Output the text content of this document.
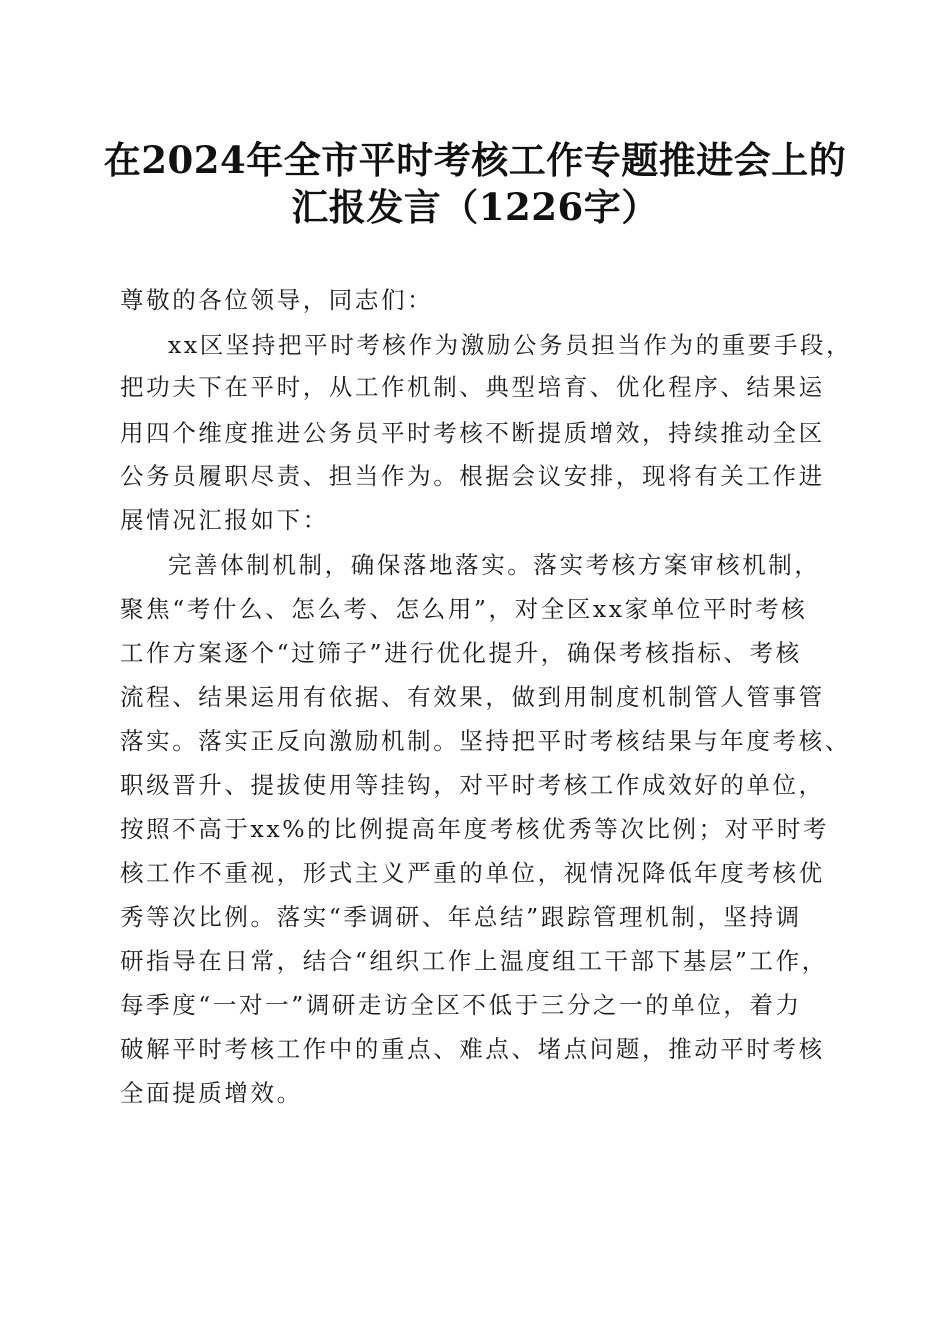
在2024年全市平时考核工作专题推进会上的
汇报发言（1226字）

尊敬的各位领导，同志们：

xx区坚持把平时考核作为激励公务员担当作为的重要手段，

把功夫下在平时，从工作机制、典型培育、优化程序、结果运

用四个维度推进公务员平时考核不断提质增效，持续推动全区

公务员履职尽责、担当作为。根据会议安排，现将有关工作进

展情况汇报如下：

完善体制机制，确保落地落实。落实考核方案审核机制，

聚焦“考什么、怎么考、怎么用”，对全区xx家单位平时考核

工作方案逐个“过筛子”进行优化提升，确保考核指标、考核

流程、结果运用有依据、有效果，做到用制度机制管人管事管

落实。落实正反向激励机制。坚持把平时考核结果与年度考核、

职级晋升、提拔使用等挂钩，对平时考核工作成效好的单位，

按照不高于xx%的比例提高年度考核优秀等次比例；对平时考

核工作不重视，形式主义严重的单位，视情况降低年度考核优

秀等次比例。落实“季调研、年总结”跟踪管理机制，坚持调

研指导在日常，结合“组织工作上温度组工干部下基层”工作，

每季度“一对一”调研走访全区不低于三分之一的单位，着力

破解平时考核工作中的重点、难点、堵点问题，推动平时考核

全面提质增效。
